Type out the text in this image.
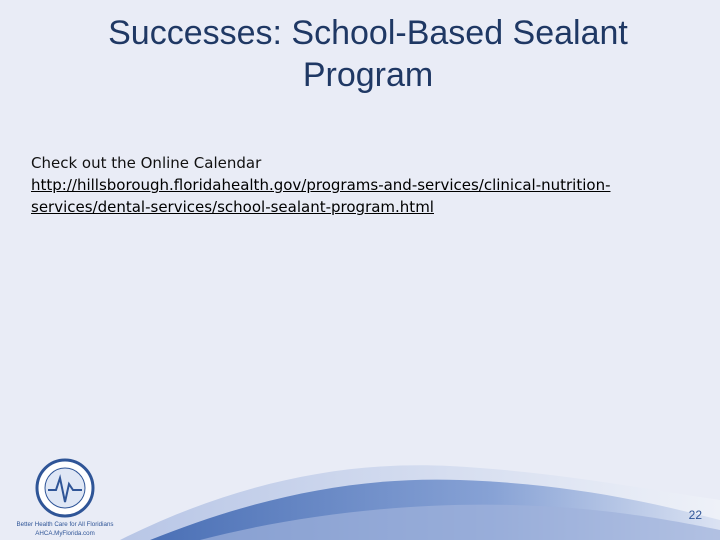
Successes: School-Based Sealant Program
Check out the Online Calendar
http://hillsborough.floridahealth.gov/programs-and-services/clinical-nutrition-services/dental-services/school-sealant-program.html
Better Health Care for All Floridians
AHCA.MyFlorida.com
22
